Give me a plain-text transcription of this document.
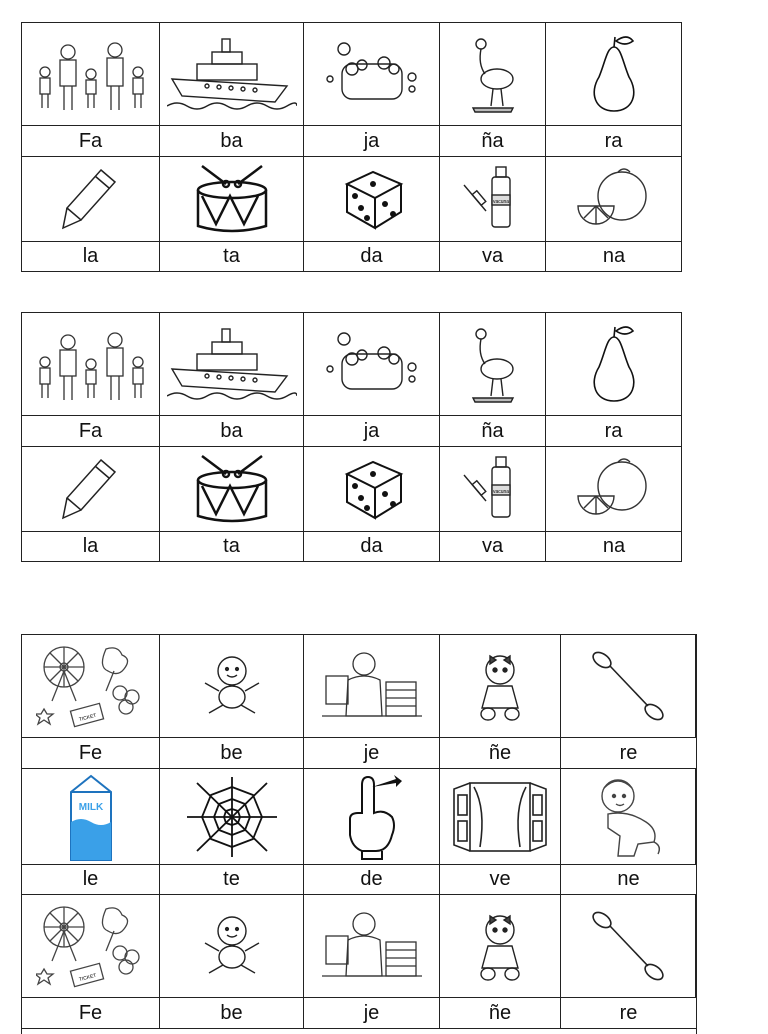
Fa	ba	ja	ña	ra
vacuna
la	ta	da	va	na
Fa	ba	ja	ña	ra
vacuna
la	ta	da	va	na
TICKET
Fe	be	je	ñe	re
MILK
le	te	de	ve	ne
TICKET
Fe	be	je	ñe	re
